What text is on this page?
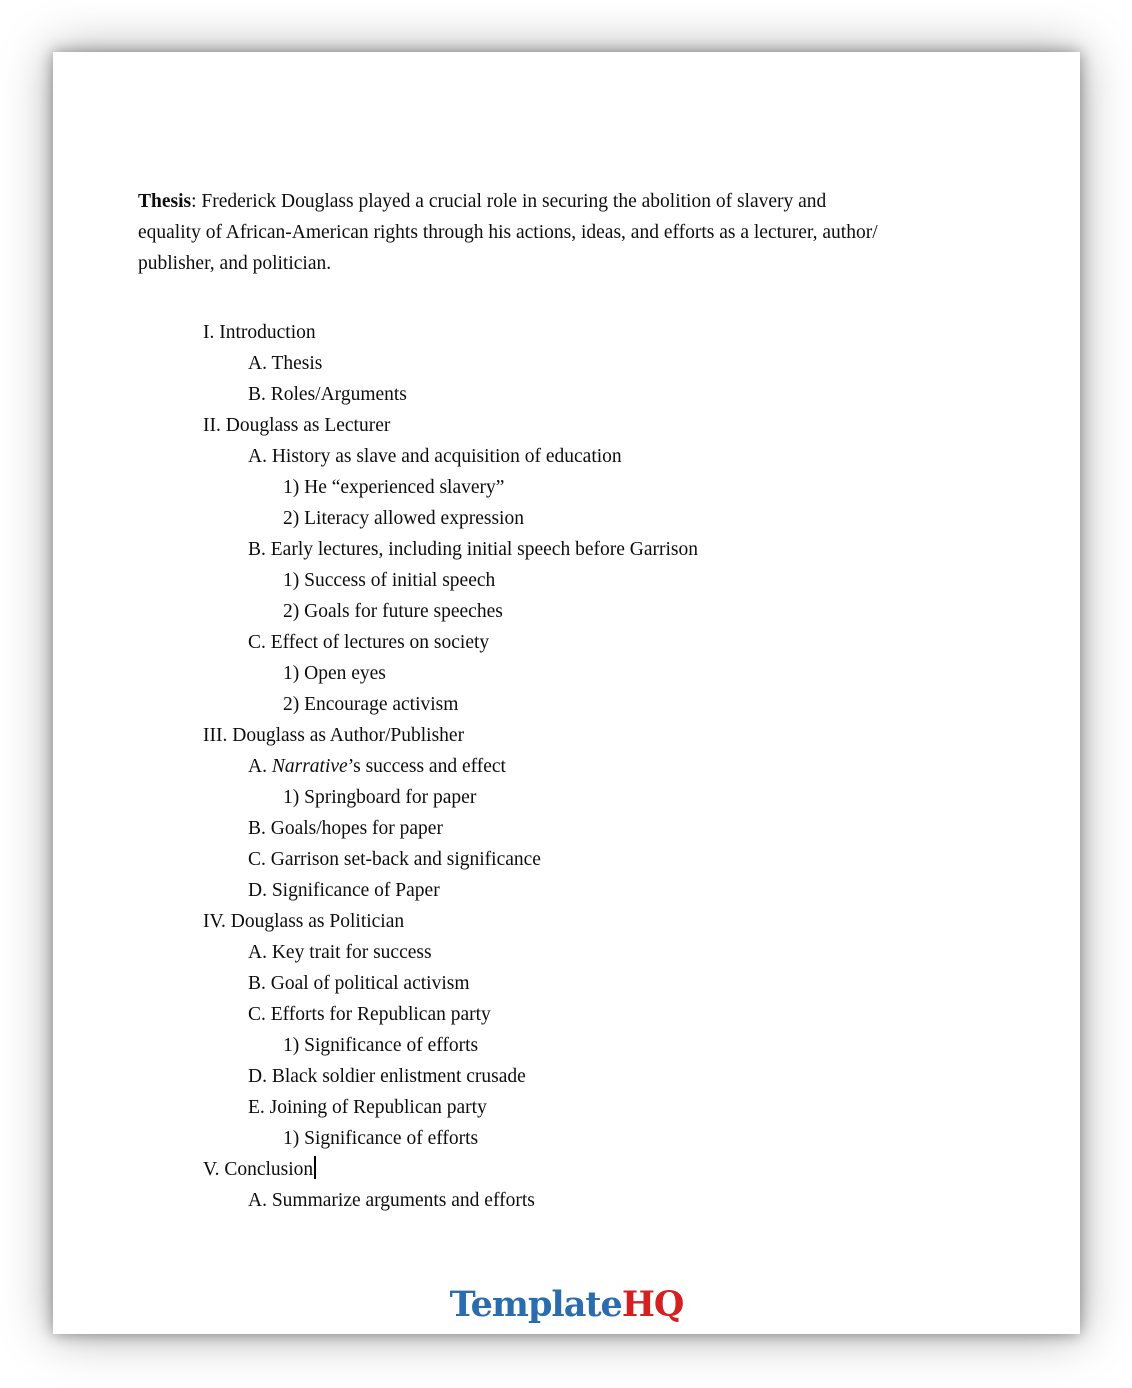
Thesis: Frederick Douglass played a crucial role in securing the abolition of slavery and
equality of African-American rights through his actions, ideas, and efforts as a lecturer, author/
publisher, and politician.
I. Introduction
A. Thesis
B. Roles/Arguments
II. Douglass as Lecturer
A. History as slave and acquisition of education
1) He “experienced slavery”
2) Literacy allowed expression
B. Early lectures, including initial speech before Garrison
1) Success of initial speech
2) Goals for future speeches
C. Effect of lectures on society
1) Open eyes
2) Encourage activism
III. Douglass as Author/Publisher
A. Narrative’s success and effect
1) Springboard for paper
B. Goals/hopes for paper
C. Garrison set-back and significance
D. Significance of Paper
IV. Douglass as Politician
A. Key trait for success
B. Goal of political activism
C. Efforts for Republican party
1) Significance of efforts
D. Black soldier enlistment crusade
E. Joining of Republican party
1) Significance of efforts
V. Conclusion
A. Summarize arguments and efforts
TemplateHQ
